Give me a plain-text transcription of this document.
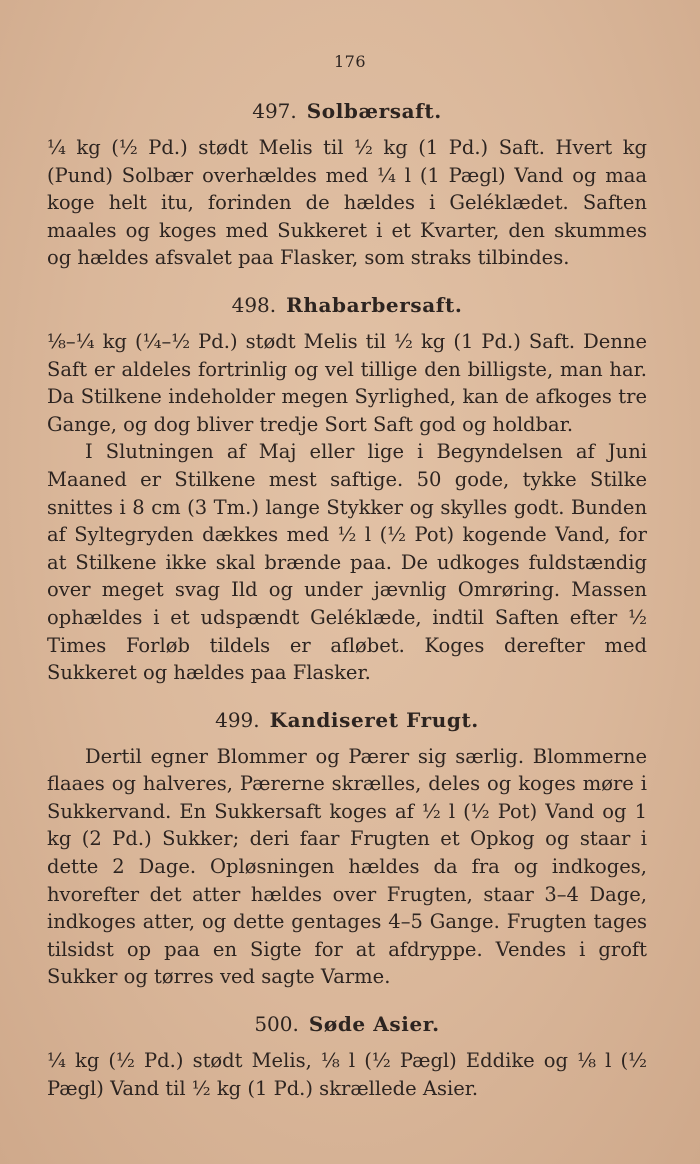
176
497. Solbærsaft.

¼ kg (½ Pd.) stødt Melis til ½ kg (1 Pd.) Saft. Hvert kg (Pund) Solbær overhældes med ¼ l (1 Pægl) Vand og maa koge helt itu, forinden de hældes i Geléklædet. Saften maales og koges med Sukkeret i et Kvarter, den skummes og hældes afsvalet paa Flasker, som straks tilbindes.

498. Rhabarbersaft.

⅛–¼ kg (¼–½ Pd.) stødt Melis til ½ kg (1 Pd.) Saft. Denne Saft er aldeles fortrinlig og vel tillige den billigste, man har. Da Stilkene indeholder megen Syrlighed, kan de afkoges tre Gange, og dog bliver tredje Sort Saft god og holdbar.

I Slutningen af Maj eller lige i Begyndelsen af Juni Maaned er Stilkene mest saftige. 50 gode, tykke Stilke snittes i 8 cm (3 Tm.) lange Stykker og skylles godt. Bunden af Syltegryden dækkes med ½ l (½ Pot) kogende Vand, for at Stilkene ikke skal brænde paa. De udkoges fuldstændig over meget svag Ild og under jævnlig Omrøring. Massen ophældes i et udspændt Geléklæde, indtil Saften efter ½ Times Forløb tildels er afløbet. Koges derefter med Sukkeret og hældes paa Flasker.

499. Kandiseret Frugt.

Dertil egner Blommer og Pærer sig særlig. Blommerne flaaes og halveres, Pærerne skrælles, deles og koges møre i Sukkervand. En Sukkersaft koges af ½ l (½ Pot) Vand og 1 kg (2 Pd.) Sukker; deri faar Frugten et Opkog og staar i dette 2 Dage. Opløsningen hældes da fra og indkoges, hvorefter det atter hældes over Frugten, staar 3–4 Dage, indkoges atter, og dette gentages 4–5 Gange. Frugten tages tilsidst op paa en Sigte for at afdryppe. Vendes i groft Sukker og tørres ved sagte Varme.

500. Søde Asier.

¼ kg (½ Pd.) stødt Melis, ⅛ l (½ Pægl) Eddike og ⅛ l (½ Pægl) Vand til ½ kg (1 Pd.) skrællede Asier.
